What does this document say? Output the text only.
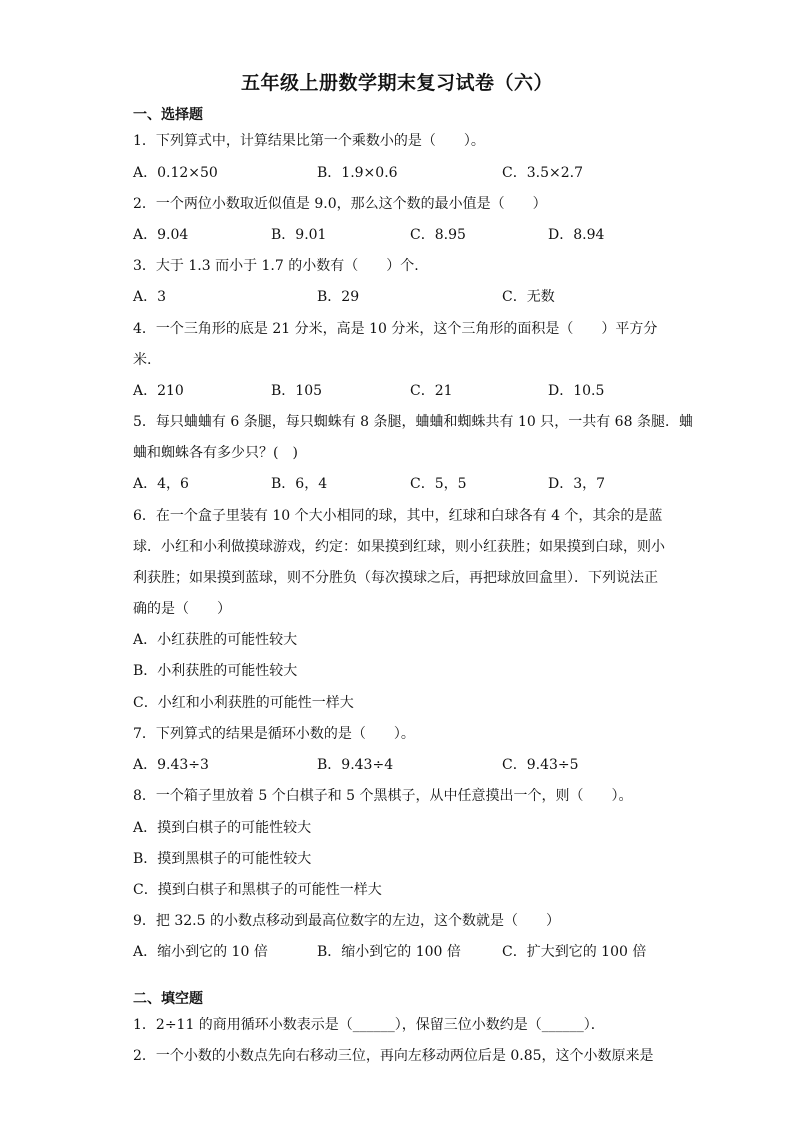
五年级上册数学期末复习试卷（六）
一、选择题
1．下列算式中，计算结果比第一个乘数小的是（　　）。
A．0.12×50	B．1.9×0.6	C．3.5×2.7
2．一个两位小数取近似值是 9.0，那么这个数的最小值是（　　）
A．9.04	B．9.01	C．8.95	D．8.94
3．大于 1.3 而小于 1.7 的小数有（　　）个.
A．3	B．29	C．无数
4．一个三角形的底是 21 分米，高是 10 分米，这个三角形的面积是（　　）平方分
米.
A．210	B．105	C．21	D．10.5
5．每只蛐蛐有 6 条腿，每只蜘蛛有 8 条腿，蛐蛐和蜘蛛共有 10 只，一共有 68 条腿．蛐
蛐和蜘蛛各有多少只？(　)
A．4，6	B．6，4	C．5，5	D．3，7
6．在一个盒子里装有 10 个大小相同的球，其中，红球和白球各有 4 个，其余的是蓝
球．小红和小利做摸球游戏，约定：如果摸到红球，则小红获胜；如果摸到白球，则小
利获胜；如果摸到蓝球，则不分胜负（每次摸球之后，再把球放回盒里）．下列说法正
确的是（　　）
A．小红获胜的可能性较大
B．小利获胜的可能性较大
C．小红和小利获胜的可能性一样大
7．下列算式的结果是循环小数的是（　　）。
A．9.43÷3	B．9.43÷4	C．9.43÷5
8．一个箱子里放着 5 个白棋子和 5 个黑棋子，从中任意摸出一个，则（　　）。
A．摸到白棋子的可能性较大
B．摸到黑棋子的可能性较大
C．摸到白棋子和黑棋子的可能性一样大
9．把 32.5 的小数点移动到最高位数字的左边，这个数就是（　　）
A．缩小到它的 10 倍	B．缩小到它的 100 倍	C．扩大到它的 100 倍
二、填空题
1．2÷11 的商用循环小数表示是（______），保留三位小数约是（______）．
2．一个小数的小数点先向右移动三位，再向左移动两位后是 0.85，这个小数原来是
